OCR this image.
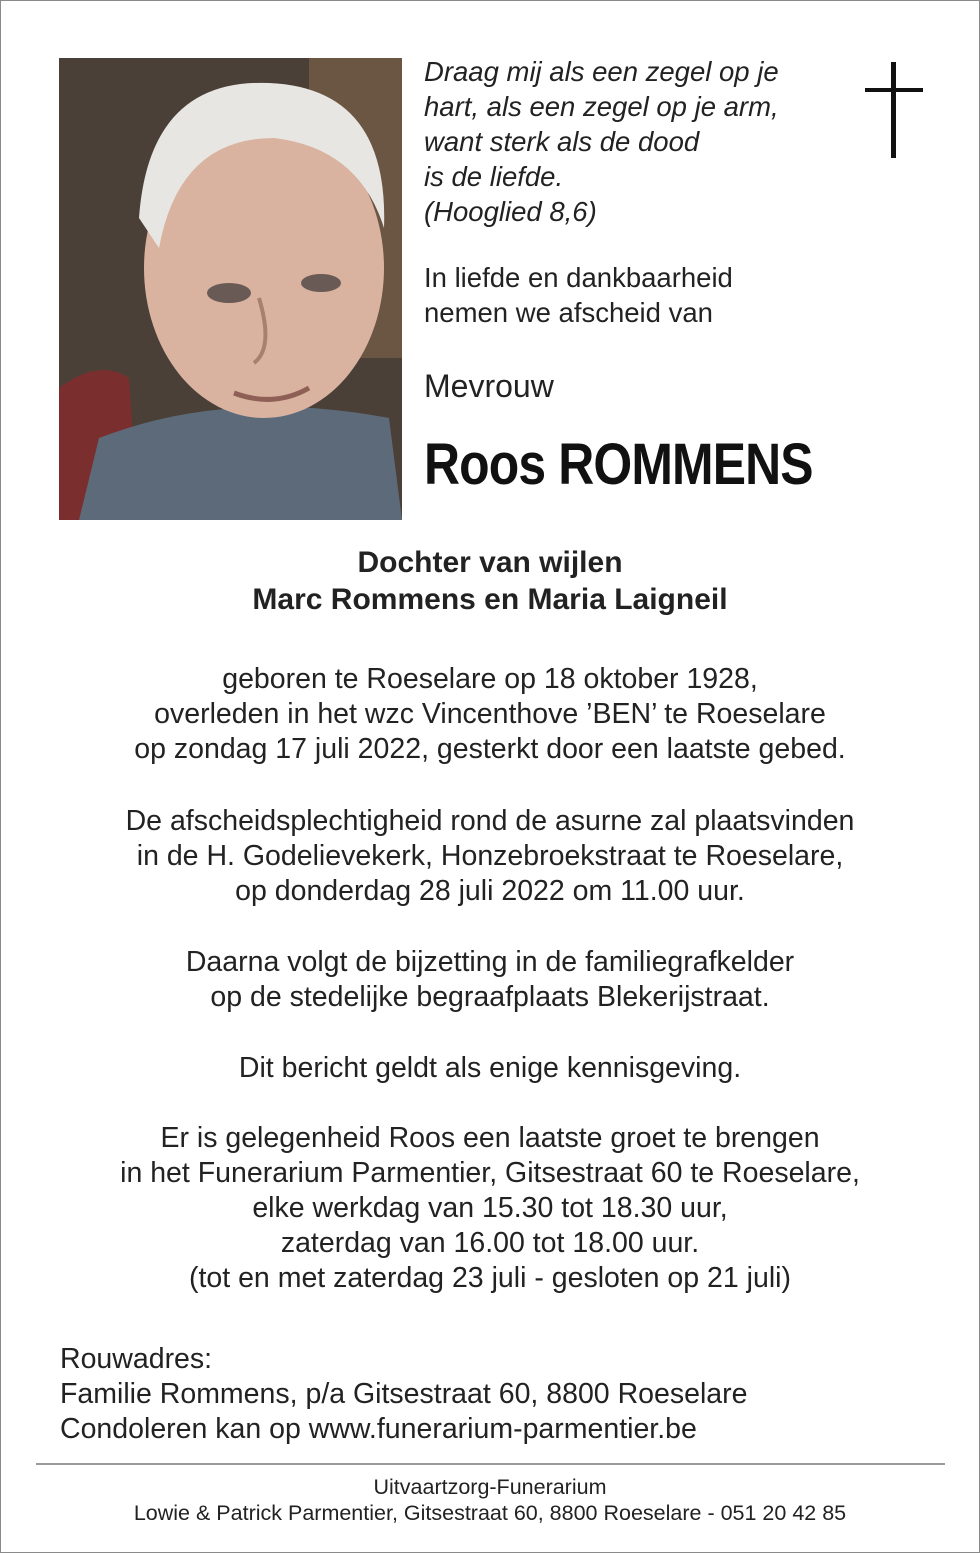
Draag mij als een zegel op je
hart, als een zegel op je arm,
want sterk als de dood
is de liefde.
(Hooglied 8,6)
In liefde en dankbaarheid
nemen we afscheid van
Mevrouw
Roos ROMMENS
Dochter van wijlen
Marc Rommens en Maria Laigneil
geboren te Roeselare op 18 oktober 1928,
overleden in het wzc Vincenthove ’BEN’ te Roeselare
op zondag 17 juli 2022, gesterkt door een laatste gebed.
De afscheidsplechtigheid rond de asurne zal plaatsvinden
in de H. Godelievekerk, Honzebroekstraat te Roeselare,
op donderdag 28 juli 2022 om 11.00 uur.
Daarna volgt de bijzetting in de familiegrafkelder
op de stedelijke begraafplaats Blekerijstraat.
Dit bericht geldt als enige kennisgeving.
Er is gelegenheid Roos een laatste groet te brengen
in het Funerarium Parmentier, Gitsestraat 60 te Roeselare,
elke werkdag van 15.30 tot 18.30 uur,
zaterdag van 16.00 tot 18.00 uur.
(tot en met zaterdag 23 juli - gesloten op 21 juli)
Rouwadres:
Familie Rommens, p/a Gitsestraat 60, 8800 Roeselare
Condoleren kan op www.funerarium-parmentier.be
Uitvaartzorg-Funerarium
Lowie & Patrick Parmentier, Gitsestraat 60, 8800 Roeselare - 051 20 42 85
